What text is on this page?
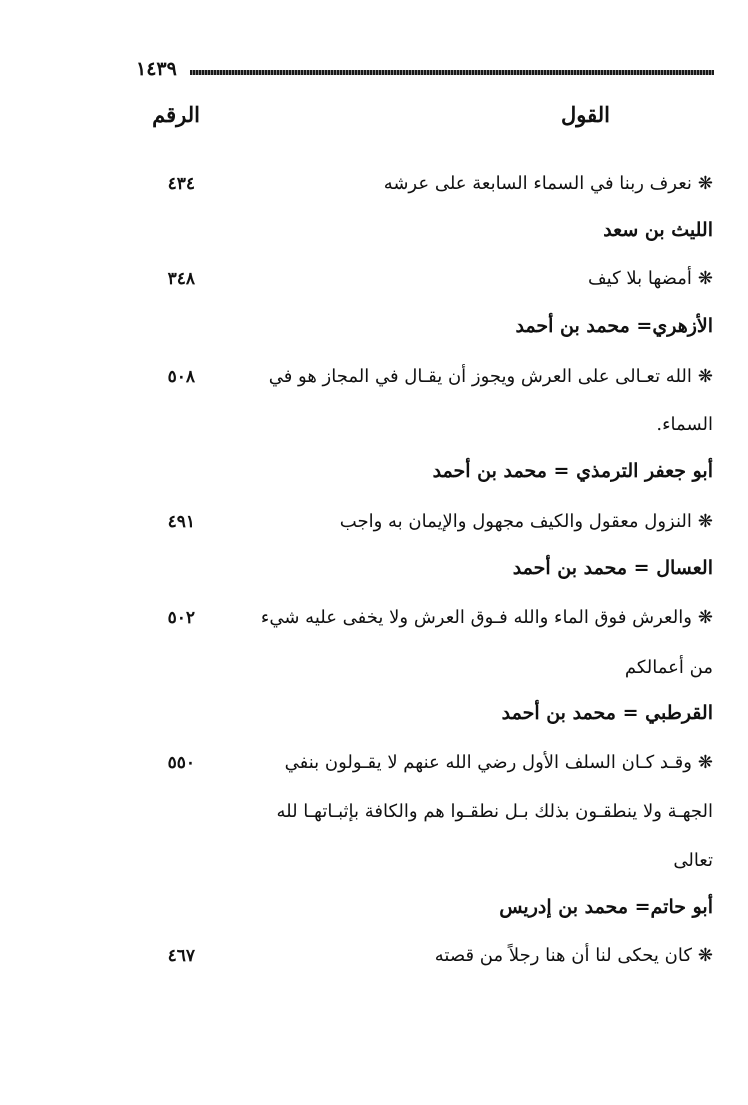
١٤٣٩
القول
الرقم
❋نعرف ربنا في السماء السابعة على عرشه
٤٣٤
الليث بن سعد
❋أمضها بلا كيف
٣٤٨
الأزهري= محمد بن أحمد
❋الله تعـالى على العرش ويجوز أن يقـال في المجاز هو في
٥٠٨
السماء.
أبو جعفر الترمذي = محمد بن أحمد
❋النزول معقول والكيف مجهول والإيمان به واجب
٤٩١
العسال = محمد بن أحمد
❋والعرش فوق الماء والله فـوق العرش ولا يخفى عليه شيء
٥٠٢
من أعمالكم
القرطبي = محمد بن أحمد
❋وقـد كـان السلف الأول رضي الله عنهم لا يقـولون بنفي
٥٥٠
الجهـة ولا ينطقـون بذلك بـل نطقـوا هم والكافة بإثبـاتهـا لله
تعالى
أبو حاتم= محمد بن إدريس
❋كان يحكى لنا أن هنا رجلاً من قصته
٤٦٧
